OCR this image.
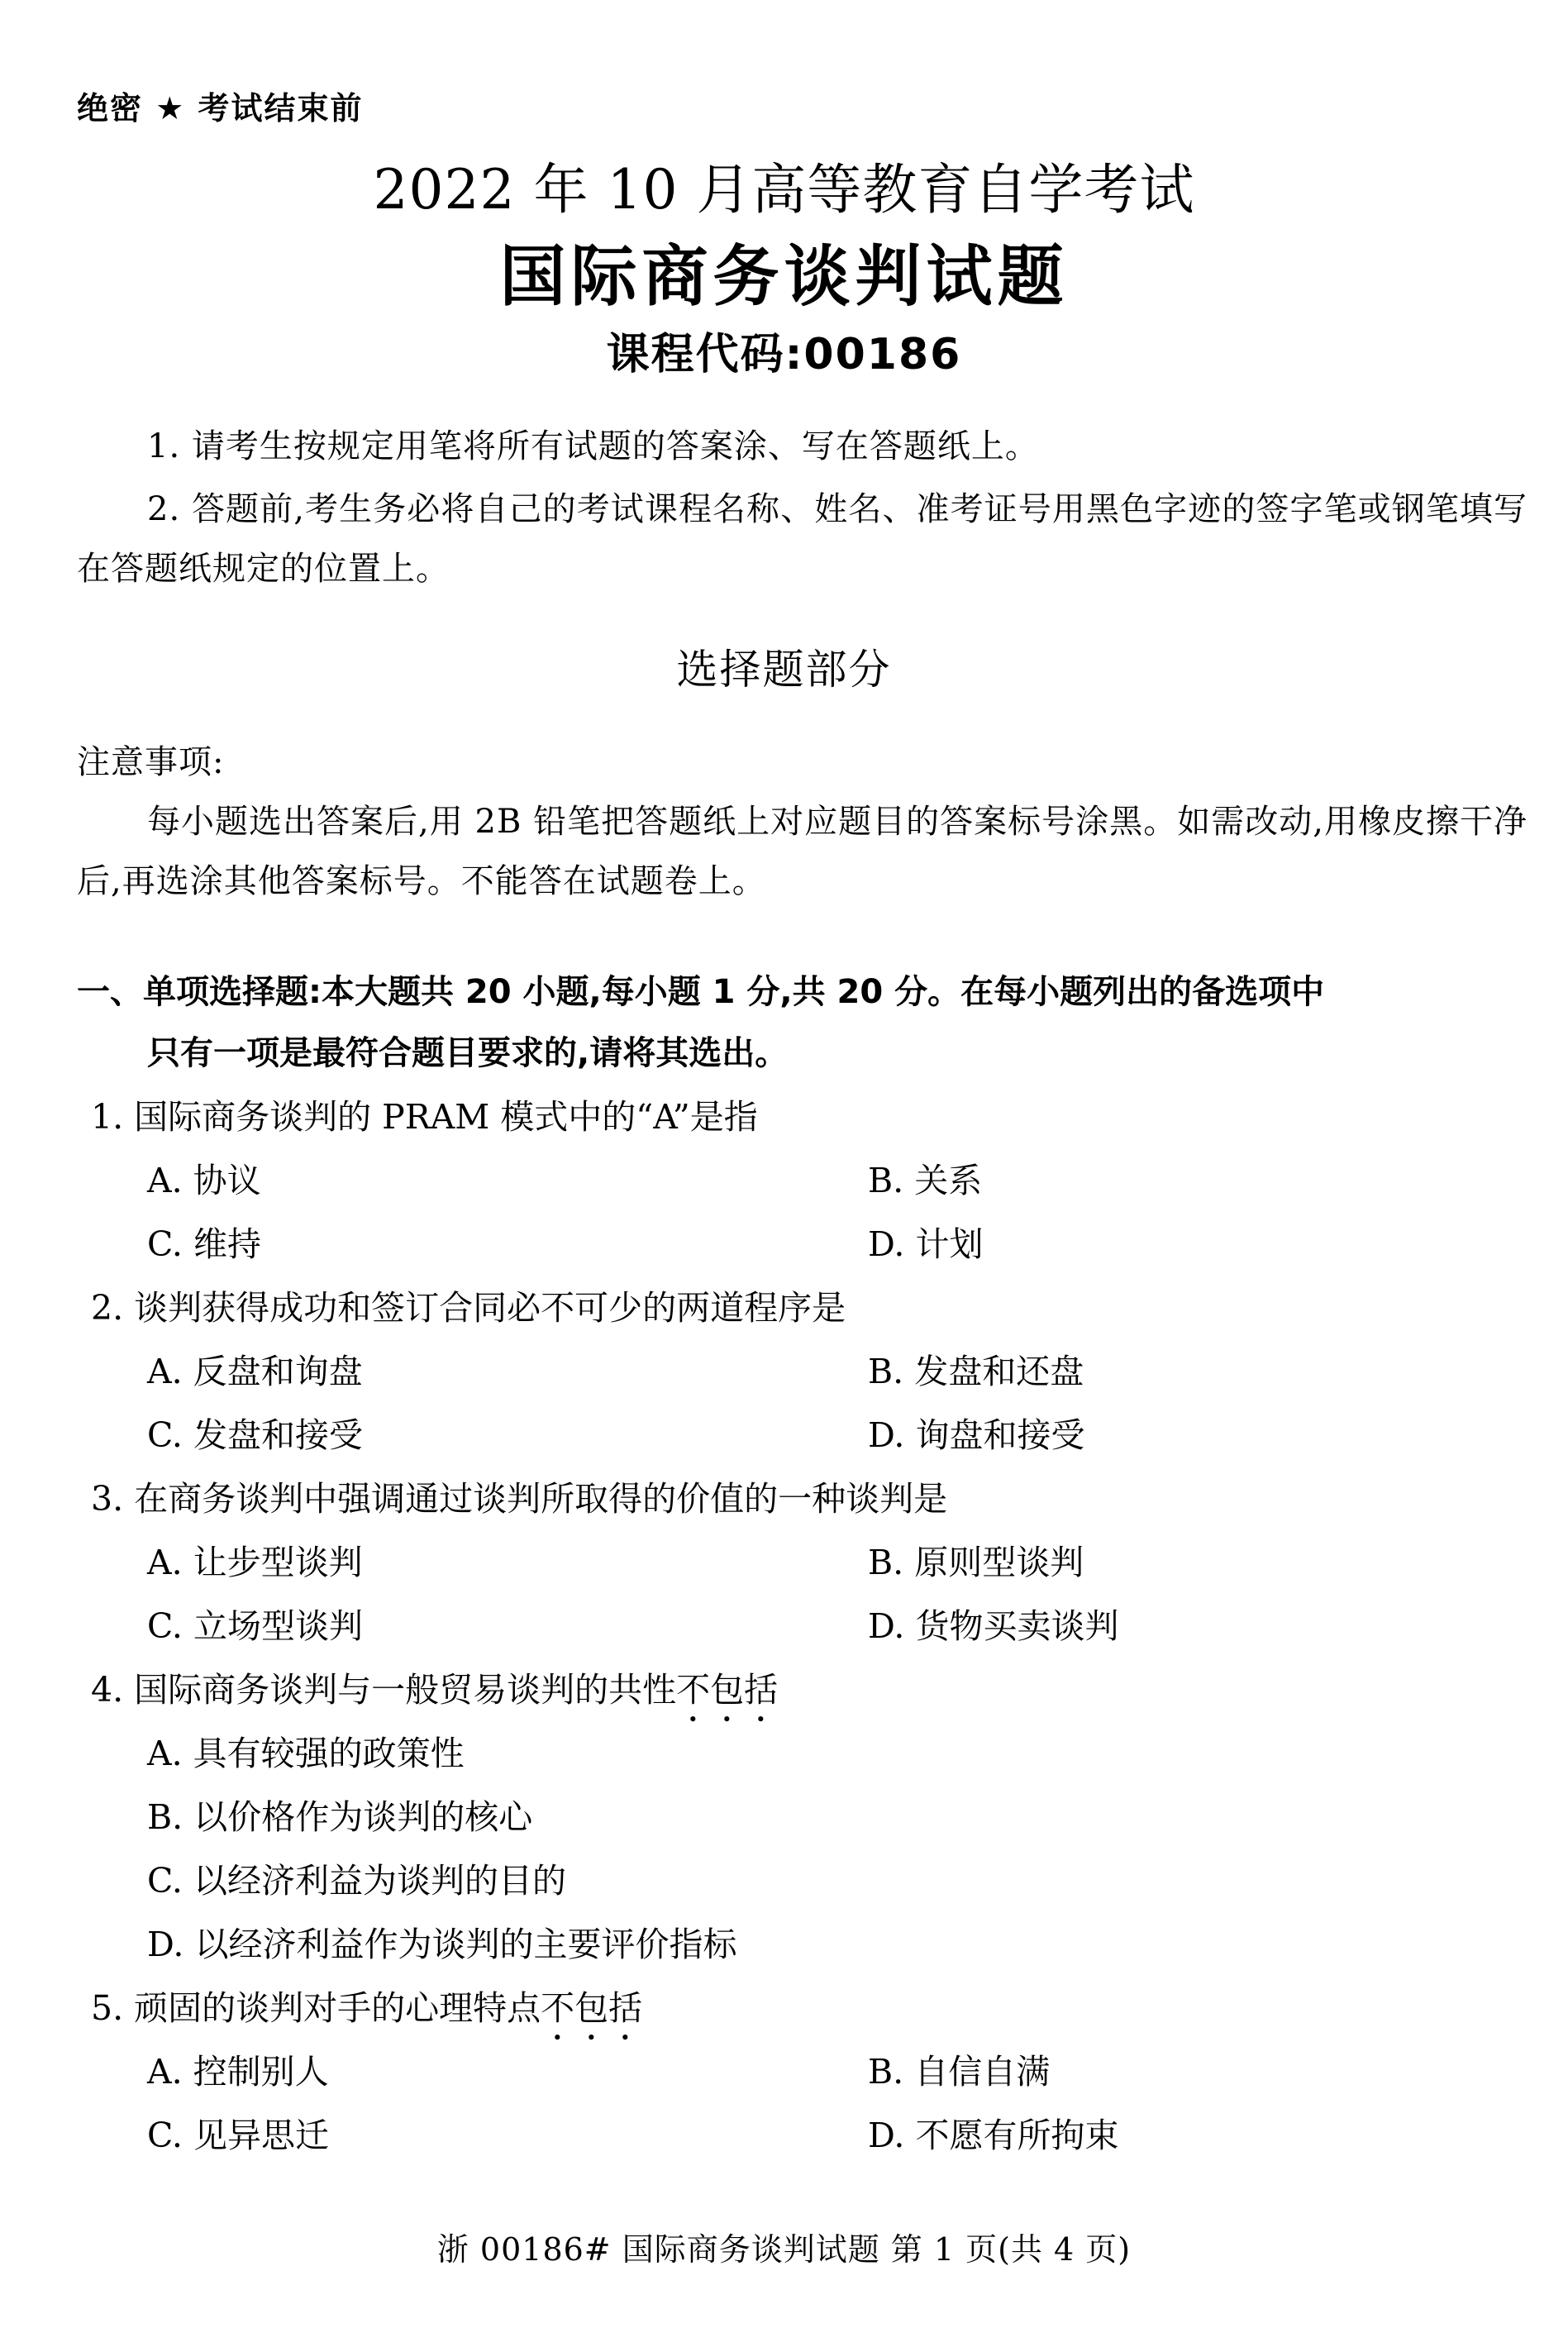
绝密 ★ 考试结束前
2022 年 10 月高等教育自学考试
国际商务谈判试题
课程代码:00186
1. 请考生按规定用笔将所有试题的答案涂、写在答题纸上。
2. 答题前,考生务必将自己的考试课程名称、姓名、准考证号用黑色字迹的签字笔或钢笔填写在答题纸规定的位置上。
选择题部分
注意事项:
每小题选出答案后,用 2B 铅笔把答题纸上对应题目的答案标号涂黑。如需改动,用橡皮擦干净后,再选涂其他答案标号。不能答在试题卷上。
一、单项选择题:本大题共 20 小题,每小题 1 分,共 20 分。在每小题列出的备选项中
只有一项是最符合题目要求的,请将其选出。
1. 国际商务谈判的 PRAM 模式中的“A”是指
A. 协议	B. 关系
C. 维持	D. 计划
2. 谈判获得成功和签订合同必不可少的两道程序是
A. 反盘和询盘	B. 发盘和还盘
C. 发盘和接受	D. 询盘和接受
3. 在商务谈判中强调通过谈判所取得的价值的一种谈判是
A. 让步型谈判	B. 原则型谈判
C. 立场型谈判	D. 货物买卖谈判
4. 国际商务谈判与一般贸易谈判的共性不包括
A. 具有较强的政策性
B. 以价格作为谈判的核心
C. 以经济利益为谈判的目的
D. 以经济利益作为谈判的主要评价指标
5. 顽固的谈判对手的心理特点不包括
A. 控制别人	B. 自信自满
C. 见异思迁	D. 不愿有所拘束
浙 00186# 国际商务谈判试题 第 1 页(共 4 页)
